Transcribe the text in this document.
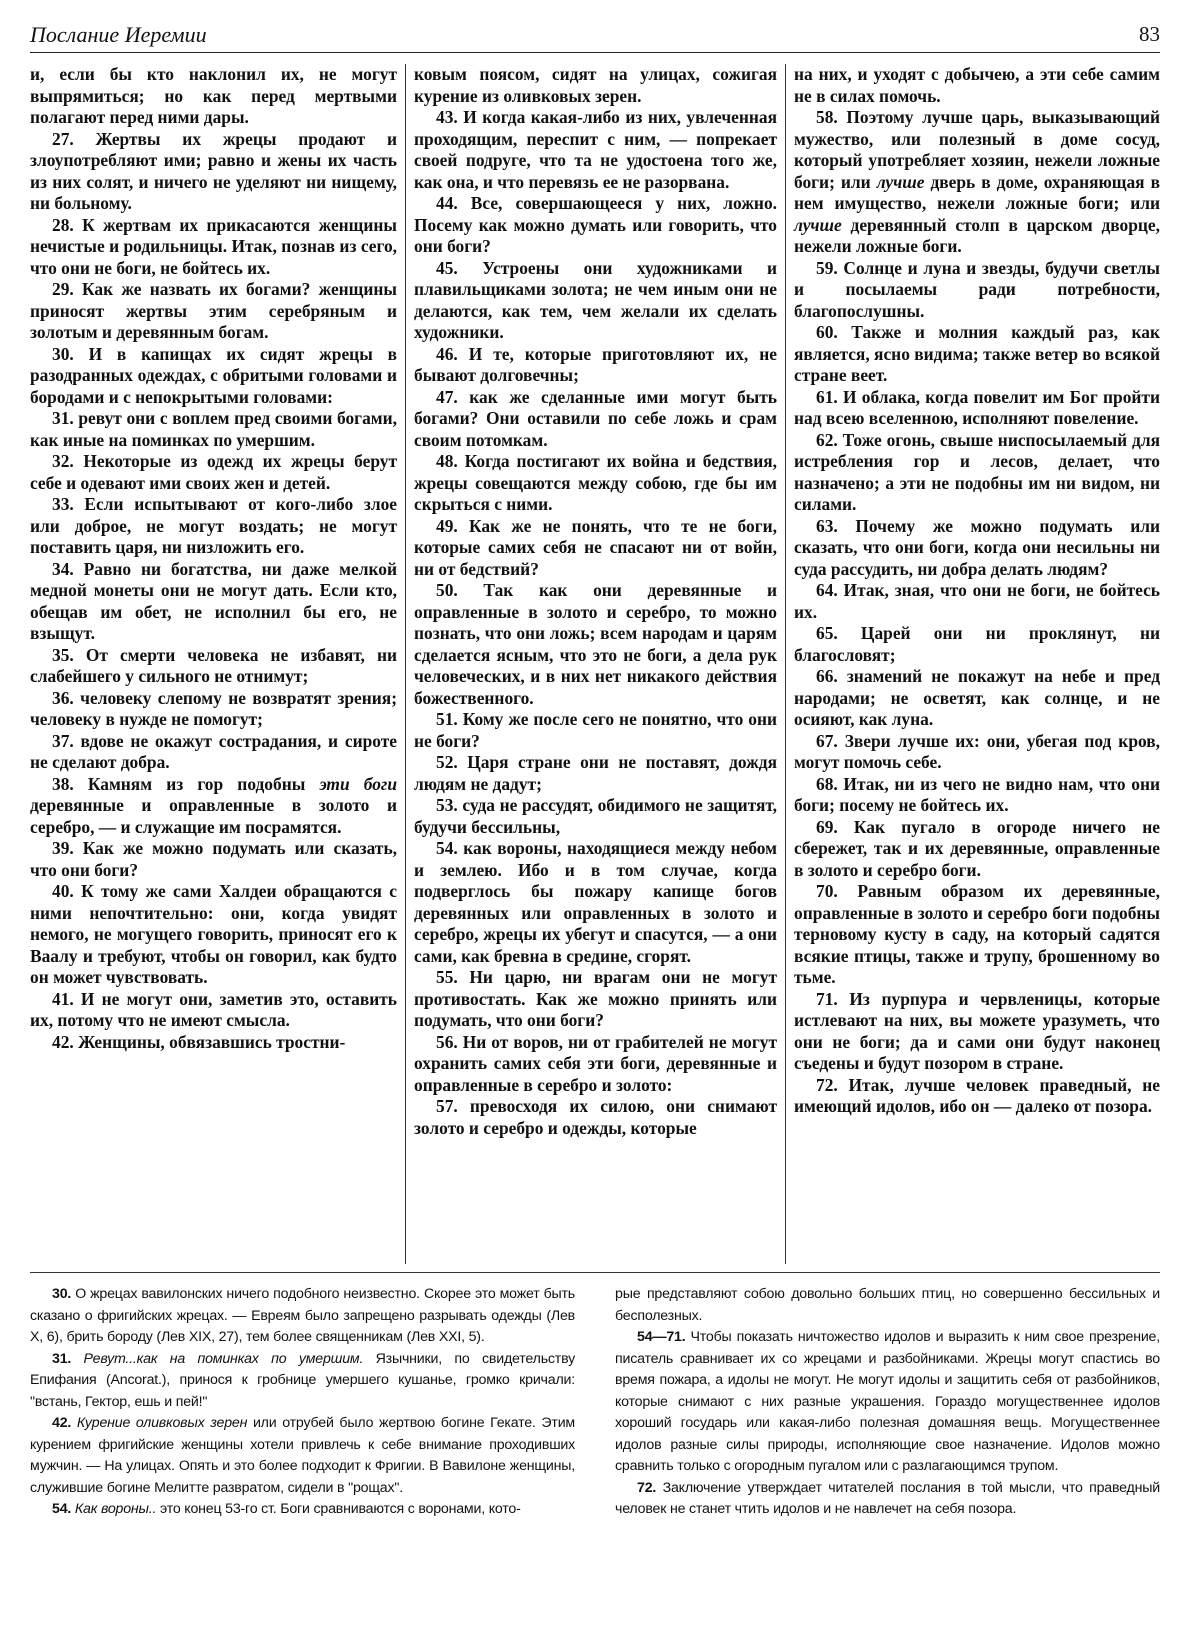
Послание Иеремии	83

и, если бы кто наклонил их, не могут выпрямиться; но как перед мертвыми полагают перед ними дары.

27. Жертвы их жрецы продают и злоупотребляют ими; равно и жены их часть из них солят, и ничего не уделяют ни нищему, ни больному.

28. К жертвам их прикасаются женщины нечистые и родильницы. Итак, познав из сего, что они не боги, не бойтесь их.

29. Как же назвать их богами? женщины приносят жертвы этим серебряным и золотым и деревянным богам.

30. И в капищах их сидят жрецы в разодранных одеждах, с обритыми головами и бородами и с непокрытыми головами:

31. ревут они с воплем пред своими богами, как иные на поминках по умершим.

32. Некоторые из одежд их жрецы берут себе и одевают ими своих жен и детей.

33. Если испытывают от кого-либо злое или доброе, не могут воздать; не могут поставить царя, ни низложить его.

34. Равно ни богатства, ни даже мелкой медной монеты они не могут дать. Если кто, обещав им обет, не исполнил бы его, не взыщут.

35. От смерти человека не избавят, ни слабейшего у сильного не отнимут;

36. человеку слепому не возвратят зрения; человеку в нужде не помогут;

37. вдове не окажут сострадания, и сироте не сделают добра.

38. Камням из гор подобны эти боги деревянные и оправленные в золото и серебро, — и служащие им посрамятся.

39. Как же можно подумать или сказать, что они боги?

40. К тому же сами Халдеи обращаются с ними непочтительно: они, когда увидят немого, не могущего говорить, приносят его к Ваалу и требуют, чтобы он говорил, как будто он может чувствовать.

41. И не могут они, заметив это, оставить их, потому что не имеют смысла.

42. Женщины, обвязавшись тростни-

ковым поясом, сидят на улицах, сожигая курение из оливковых зерен.

43. И когда какая-либо из них, увлеченная проходящим, переспит с ним, — попрекает своей подруге, что та не удостоена того же, как она, и что перевязь ее не разорвана.

44. Все, совершающееся у них, ложно. Посему как можно думать или говорить, что они боги?

45. Устроены они художниками и плавильщиками золота; не чем иным они не делаются, как тем, чем желали их сделать художники.

46. И те, которые приготовляют их, не бывают долговечны;

47. как же сделанные ими могут быть богами? Они оставили по себе ложь и срам своим потомкам.

48. Когда постигают их война и бедствия, жрецы совещаются между собою, где бы им скрыться с ними.

49. Как же не понять, что те не боги, которые самих себя не спасают ни от войн, ни от бедствий?

50. Так как они деревянные и оправленные в золото и серебро, то можно познать, что они ложь; всем народам и царям сделается ясным, что это не боги, а дела рук человеческих, и в них нет никакого действия божественного.

51. Кому же после сего не понятно, что они не боги?

52. Царя стране они не поставят, дождя людям не дадут;

53. суда не рассудят, обидимого не защитят, будучи бессильны,

54. как вороны, находящиеся между небом и землею. Ибо и в том случае, когда подверглось бы пожару капище богов деревянных или оправленных в золото и серебро, жрецы их убегут и спасутся, — а они сами, как бревна в средине, сгорят.

55. Ни царю, ни врагам они не могут противостать. Как же можно принять или подумать, что они боги?

56. Ни от воров, ни от грабителей не могут охранить самих себя эти боги, деревянные и оправленные в серебро и золото:

57. превосходя их силою, они снимают золото и серебро и одежды, которые

на них, и уходят с добычею, а эти себе самим не в силах помочь.

58. Поэтому лучше царь, выказывающий мужество, или полезный в доме сосуд, который употребляет хозяин, нежели ложные боги; или лучше дверь в доме, охраняющая в нем имущество, нежели ложные боги; или лучше деревянный столп в царском дворце, нежели ложные боги.

59. Солнце и луна и звезды, будучи светлы и посылаемы ради потребности, благопослушны.

60. Также и молния каждый раз, как является, ясно видима; также ветер во всякой стране веет.

61. И облака, когда повелит им Бог пройти над всею вселенною, исполняют повеление.

62. Тоже огонь, свыше ниспосылаемый для истребления гор и лесов, делает, что назначено; а эти не подобны им ни видом, ни силами.

63. Почему же можно подумать или сказать, что они боги, когда они несильны ни суда рассудить, ни добра делать людям?

64. Итак, зная, что они не боги, не бойтесь их.

65. Царей они ни проклянут, ни благословят;

66. знамений не покажут на небе и пред народами; не осветят, как солнце, и не осияют, как луна.

67. Звери лучше их: они, убегая под кров, могут помочь себе.

68. Итак, ни из чего не видно нам, что они боги; посему не бойтесь их.

69. Как пугало в огороде ничего не сбережет, так и их деревянные, оправленные в золото и серебро боги.

70. Равным образом их деревянные, оправленные в золото и серебро боги подобны терновому кусту в саду, на который садятся всякие птицы, также и трупу, брошенному во тьме.

71. Из пурпура и червленицы, которые истлевают на них, вы можете уразуметь, что они не боги; да и сами они будут наконец съедены и будут позором в стране.

72. Итак, лучше человек праведный, не имеющий идолов, ибо он — далеко от позора.

30. О жрецах вавилонских ничего подобного неизвестно. Скорее это может быть сказано о фригийских жрецах. — Евреям было запрещено разрывать одежды (Лев X, 6), брить бороду (Лев XIX, 27), тем более священникам (Лев XXI, 5).

31. Ревут...как на поминках по умершим. Язычники, по свидетельству Епифания (Ancorat.), принося к гробнице умершего кушанье, громко кричали: "встань, Гектор, ешь и пей!"

42. Курение оливковых зерен или отрубей было жертвою богине Гекате. Этим курением фригийские женщины хотели привлечь к себе внимание проходивших мужчин. — На улицах. Опять и это более подходит к Фригии. В Вавилоне женщины, служившие богине Мелитте развратом, сидели в "рощах".

54. Как вороны.. это конец 53-го ст. Боги сравниваются с воронами, кото-

рые представляют собою довольно больших птиц, но совершенно бессильных и бесполезных.

54—71. Чтобы показать ничтожество идолов и выразить к ним свое презрение, писатель сравнивает их со жрецами и разбойниками. Жрецы могут спастись во время пожара, а идолы не могут. Не могут идолы и защитить себя от разбойников, которые снимают с них разные украшения. Гораздо могущественнее идолов хороший государь или какая-либо полезная домашняя вещь. Могущественнее идолов разные силы природы, исполняющие свое назначение. Идолов можно сравнить только с огородным пугалом или с разлагающимся трупом.

72. Заключение утверждает читателей послания в той мысли, что праведный человек не станет чтить идолов и не навлечет на себя позора.
